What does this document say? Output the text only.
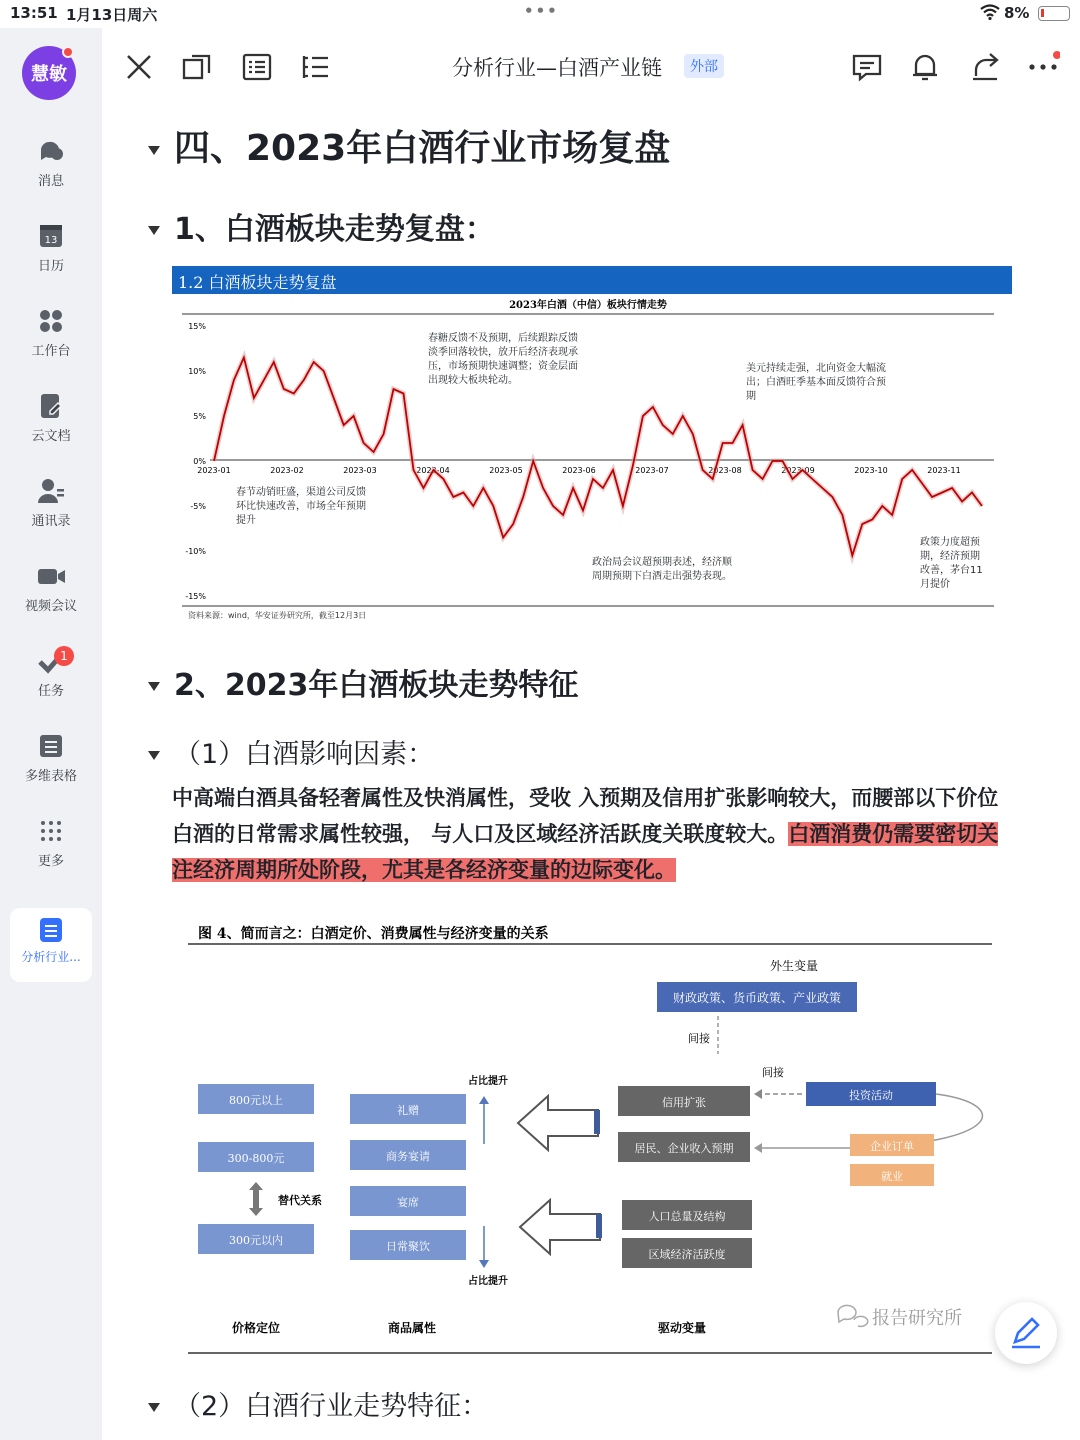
13:51 1月13日周六	•••	8%
慧敏
消息
13
日历
工作台
云文档
通讯录
视频会议
1
任务
多维表格
更多
分析行业...
分析行业—白酒产业链	外部
四、2023年白酒行业市场复盘
1、白酒板块走势复盘：
1.2 白酒板块走势复盘
2023年白酒（中信）板块行情走势
15%
10%
5%
0%
-5%
-10%
-15%
2023-01	2023-02	2023-03	2023-04	2023-05	2023-06	2023-07	2023-08	2023-09	2023-10	2023-11
春节动销旺盛，渠道公司反馈环比快速改善，市场全年预期提升
春糖反馈不及预期，后续跟踪反馈淡季回落较快，放开后经济表现承压，市场预期快速调整；资金层面出现较大板块轮动。
政治局会议超预期表述，经济顺周期预期下白酒走出强势表现。
美元持续走强，北向资金大幅流出；白酒旺季基本面反馈符合预期
政策力度超预期，经济预期改善，茅台11月提价
资料来源：wind，华安证券研究所，截至12月3日
2、2023年白酒板块走势特征
（1）白酒影响因素：
中高端白酒具备轻奢属性及快消属性，受收 入预期及信用扩张影响较大，而腰部以下价位白酒的日常需求属性较强， 与人口及区域经济活跃度关联度较大。白酒消费仍需要密切关注经济周期所处阶段，尤其是各经济变量的边际变化。
图 4、简而言之：白酒定价、消费属性与经济变量的关系
外生变量
财政政策、货币政策、产业政策
间接
间接
800元以上
300-800元
300元以内
替代关系
礼赠
商务宴请
宴席
日常聚饮
占比提升
占比提升
信用扩张
居民、企业收入预期
人口总量及结构
区域经济活跃度
投资活动
企业订单
就业
价格定位	商品属性	驱动变量	报告研究所
（2）白酒行业走势特征：
